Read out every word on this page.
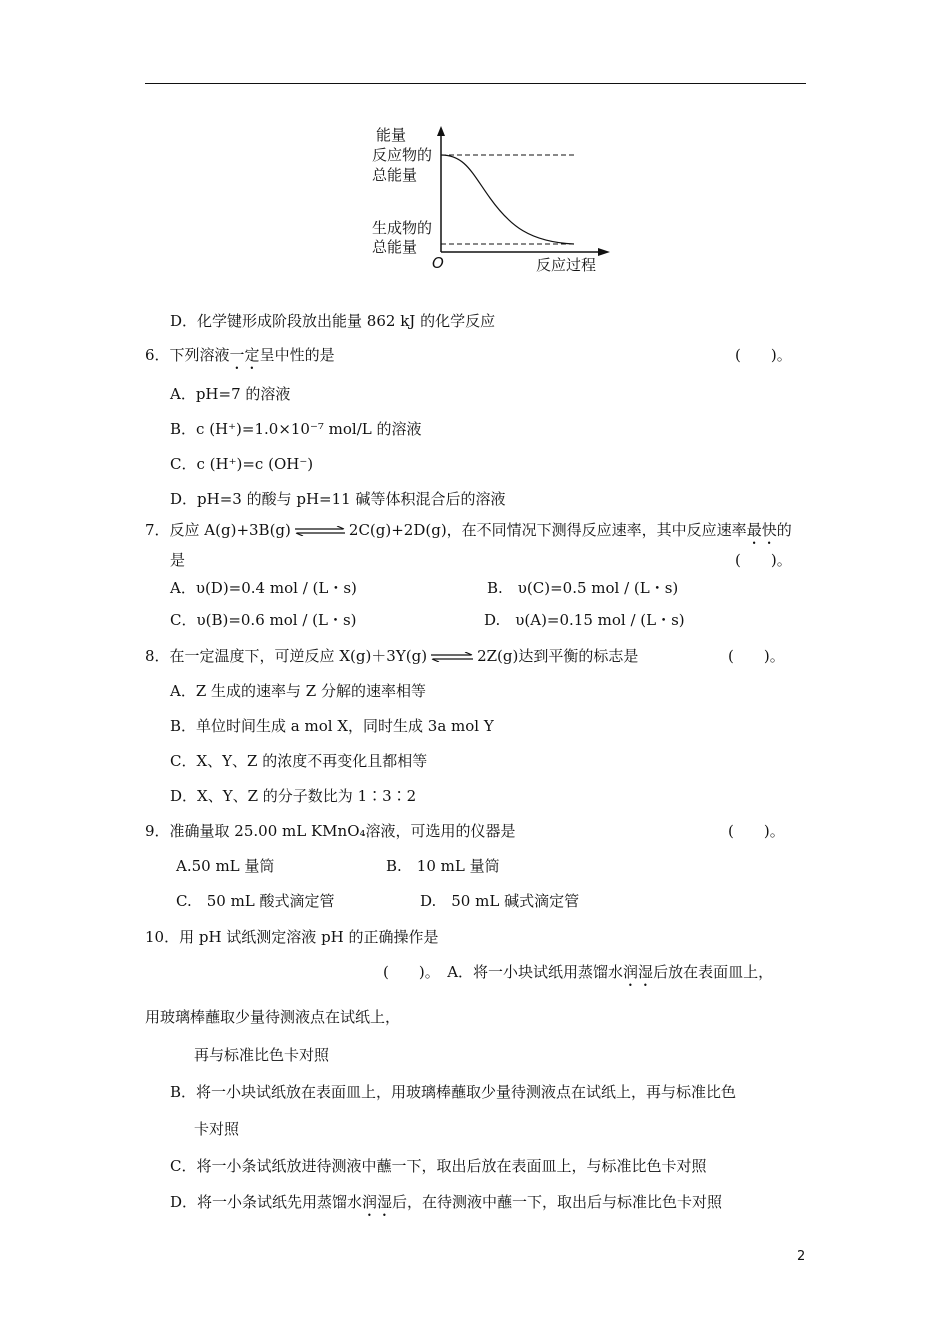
能量
反应物的
总能量
生成物的
总能量
O	反应过程
D．化学键形成阶段放出能量 862 kJ 的化学反应
6．下列溶液一定呈中性的是	(　　)。
A．pH=7 的溶液
B．c (H⁺)=1.0×10⁻⁷ mol/L 的溶液
C．c (H⁺)=c (OH⁻)
D．pH=3 的酸与 pH=11 碱等体积混合后的溶液
7．反应 A(g)+3B(g) ⇌ 2C(g)+2D(g)，在不同情况下测得反应速率，其中反应速率最快的
是	(　　)。
A．υ(D)=0.4 mol / (L・s)	B.　υ(C)=0.5 mol / (L・s)
C．υ(B)=0.6 mol / (L・s)	D.　υ(A)=0.15 mol / (L・s)
8．在一定温度下，可逆反应 X(g)＋3Y(g) ⇌ 2Z(g)达到平衡的标志是	(　　)。
A．Z 生成的速率与 Z 分解的速率相等
B．单位时间生成 a mol X，同时生成 3a mol Y
C．X、Y、Z 的浓度不再变化且都相等
D．X、Y、Z 的分子数比为 1∶3∶2
9．准确量取 25.00 mL KMnO₄溶液，可选用的仪器是	(　　)。
A.50 mL 量筒	B.　10 mL 量筒
C.　50 mL 酸式滴定管	D.　50 mL 碱式滴定管
10．用 pH 试纸测定溶液 pH 的正确操作是
(　　)。　A．将一小块试纸用蒸馏水润湿后放在表面皿上，
用玻璃棒蘸取少量待测液点在试纸上，
再与标准比色卡对照
B．将一小块试纸放在表面皿上，用玻璃棒蘸取少量待测液点在试纸上，再与标准比色
卡对照
C．将一小条试纸放进待测液中蘸一下，取出后放在表面皿上，与标准比色卡对照
D．将一小条试纸先用蒸馏水润湿后，在待测液中蘸一下，取出后与标准比色卡对照
2
